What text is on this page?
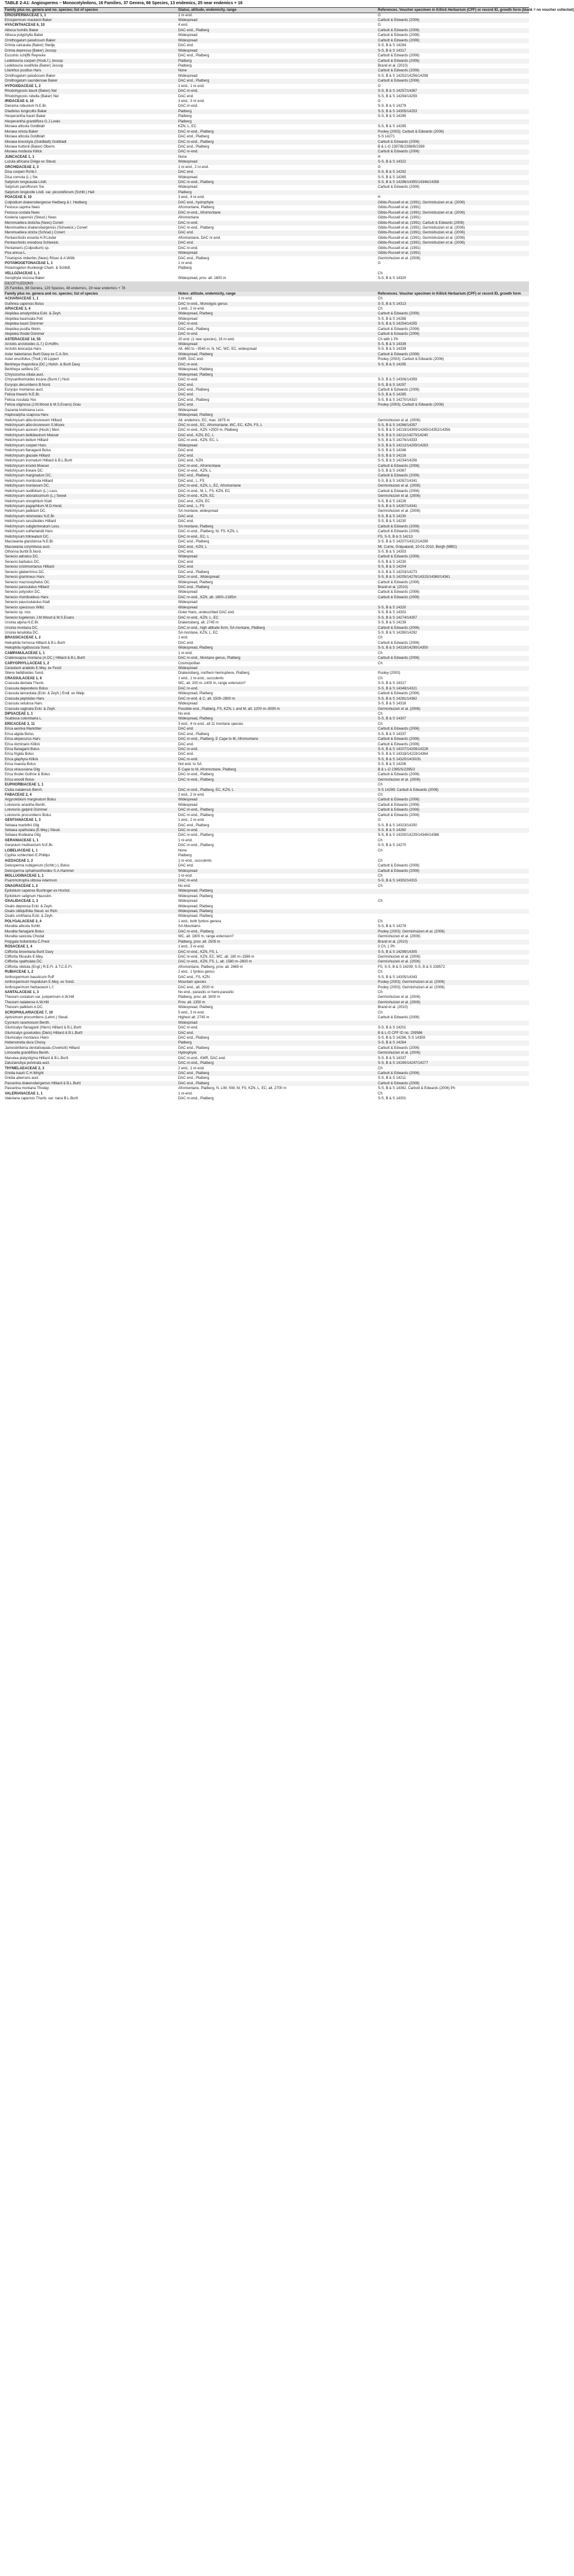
TABLE 2-A1: Angiosperms – Monocotyledons, 16 Families, 37 Genera, 66 Species, 13 endemics, 25 near endemics + 16
Family plus no. genera and no. species; list of species	Status, altitude, endemicity, range	References. Voucher specimen in Killick Herbarium (CPF) or record ID, growth form (blank = no voucher collected)
ERIOSPERMACEAE 1, 1	1 nr-end.	G
Eriospermum mackenii Baker	Widespread	Carbutt & Edwards (2006)
HYACINTHACEAE 6, 10	4 end.	G
Albuca humilis Baker	DAC end., Platberg	Carbutt & Edwards (2006)
Albuca polyphylla Baker	Widespread	Carbutt & Edwards (2006)
Ornithogalum paludosum Baker	Widespread	Carbutt & Edwards (2006)
Drimia calcarata (Baker) Stedje	DAC end.	S-S, B & S 14294
Drimia depressa (Baker) Jessop	Widespread	S-S, B & S 14317
Eucomis schijffii Reyneke	DAC end., Platberg	Carbutt & Edwards (2006)
Ledebouria cooperi (Hook.f.) Jessop	Platberg	Carbutt & Edwards (2006)
Ledebouria ovatifolia (Baker) Jessop	Platberg	Brand et al. (2010)
Litanthus pusillus Harv.	None	Carbutt & Edwards (2006)
Ornithogalum paludosum Baker	Widespread	S-S, B & S 14252/14256/14298
Ornithogalum saundersiae Baker	DAC end., Platberg	Carbutt & Edwards (2006)
HYPOXIDACEAE 1, 2	1 end., 1 nr-end.	G
Rhodohypoxis baurii (Baker) Nel	DAC nr-end.	S-S, B & S 14257/14367
Rhodohypoxis rubella (Baker) Nel	DAC end.	S-S, B & S 14294/14259
IRIDACEAE 4, 10	3 end., 3 nr-end.	G
Dierama robustum N.E.Br.	DAC nr-end.	S-S, B & S 14279
Gladiolus longicollis Baker	Platberg	S-S, B & S 14305/14253
Hesperantha baurii Baker	Platberg	S-S, B & S 14295
Hesperantha grandiflora G.J.Lewis	Platberg	
Moraea alticola Goldblatt	KZN, L, EC	S-S, B & S 14295
Moraea stricta Baker	DAC nr-end., Platberg	Pooley (2003); Carbutt & Edwards (2006)
Moraea alticola Goldblatt	DAC end., Platberg	S-S 14271
Moraea brevistyla (Goldblatt) Goldblatt	DAC nr-end., Platberg	Carbutt & Edwards (2006)
Moraea huttonii (Baker) Oberm.	DAC end., Platberg	B & L-O 2397/B/2398/B/2398
Moraea modesta Killick	DAC nr-end.	Carbutt & Edwards (2006)
JUNCACEAE 1, 1	None	H
Luzula africana Drège ex Steud.	Widespread	S-S, B & S 14322
ORCHIDACEAE 2, 3	1 nr-end., 2 nr-end.	G
Disa cooperi Rchb.f.	DAC end.	S-S, B & S 14292
Disa cornuta (L.) Sw.	Widespread	S-S, B & S 14265
Satyrium longicauda Lindl.	DAC nr-end., Platberg	S-S, B & S 14296/14355/14346/14358
Satyrium parviflorum Sw.	Widespread	Carbutt & Edwards (2006)
Satyrium longicolle Lindl. var. piccoloflorum (Schltr.) Hall	Platberg	
POACEAE 9, 10	3 end., 4 nr-end.	H
Colpodium drakensbergense Hedberg & I. Hedberg	DAC end., hydrophyte	Gibbs-Russell et al. (1991); Germishuizen et al. (2006)
Festuca caprina Nees	Afromontane, Platberg	Gibbs-Russell et al. (1991)
Festuca costata Nees	DAC nr-end., Afromontane	Gibbs-Russell et al. (1991); Germishuizen et al. (2006)
Koeleria capensis (Steud.) Nees	Afromontane	Gibbs-Russell et al. (1991)
Merxmuellera disticha (Nees) Conert	DAC nr-end.	Gibbs-Russell et al. (1991); Carbutt & Edwards (2006)
Merxmuellera drakensbergensis (Schweick.) Conert	DAC nr-end., Platberg	Gibbs-Russell et al. (1991); Germishuizen et al. (2006)
Merxmuellera stricta (Schrad.) Conert	DAC end.	Gibbs-Russell et al. (1991); Germishuizen et al. (2006)
Pentaschistis exserta H.P.Linder	Afromontane, DAC nr-end.	Gibbs-Russell et al. (1991); Germishuizen et al. (2006)
Pentaschistis oreodoxa Schweick.	DAC end.	Gibbs-Russell et al. (1991); Germishuizen et al. (2006)
Pentameris (Colpodium) sp.	DAC nr-end.	Gibbs-Russell et al. (1991)
Poa annua L.	Widespread	Gibbs-Russell et al. (1991)
Trisetopsis imberbis (Nees) Röser & A.Wölk	DAC end., Platberg	Germishuizen et al. (2006)
POTAMOGETONACEAE 1, 1	1 nr-end.	G
Potamogeton thunbergii Cham. & Schltdl.	Platberg	
VELLOZIACEAE 1, 1		Ch
Xerophyta viscosa Baker	Widespread, prov. alt. 1800 m	S-S, B & S 14320
DICOTYLEDONS		
25 Families, 88 Genera, 129 Species, 48 endemics, 28 near endemics + 78		
Family plus no. genera and no. species; list of species	Notes: altitude, endemicity, range	References. Voucher specimen in Killick Herbarium (CPF) or record ID, growth form
ACHARIACEAE 1, 1	1 nr-end.	Ch
Guthriea capensis Bolus	DAC nr-end., Monotypic genus	S-S, B & S 14313
APIACEAE 3, 4	1 end., 2 nr-end.	Ch
Alepidea amatymbica Eckl. & Zeyh.	Widespread, Platberg	Carbutt & Edwards (2006)
Alepidea baurisiata Polt	Widespread	S-S, B & S 14288
Alepidea baurii Dümmer	DAC nr-end.	S-S, B & S 14254/14255
Alepidea pusilla Weim.	DAC end., Platberg	Carbutt & Edwards (2006)
Alepidea thodei Dümmer	DAC nr-end.	Carbutt & Edwards (2006)
ASTERACEAE 14, 55	20 end. (1 new species), 18 nr-end.	Ch with 1 Ph
Arctotis arctotoides (L.f.) O.Hoffm.	Widespread	S-S, B & S 14339
Arctotis leiocarpa Harv.	Alt. 460 to ~3540 m, N, NC, WC, EC, widespread	S-S, B & S 14339
Aster bakerianus Burtt Davy ex C.A.Sm.	Widespread, Platberg	Carbutt & Edwards (2006)
Aster erucifolius (Thell.) W.Lippert	KMR, DAC end.	Pooley (2003); Carbutt & Edwards (2006)
Berkheya rhapontica (DC.) Hutch. & Burtt Davy	DAC nr-end.	S-S, B & S 14295
Berkheya setifera DC.	Widespread, Platberg	
Chrysocoma ciliata auct.	Widespread, Platberg	
Chrysanthemoides incana (Burm.f.) Norl.	DAC nr-end.	S-S, B & S 14306/14359
Euryops decumbens B.Nord.	DAC end.	S-S, B & S 14297
Euryops montanus auct.	DAC end., Platberg	Carbutt & Edwards (2006)
Felicia linearis N.E.Br.	DAC end.	S-S, B & S 14285
Felicia rosulata Yeo	DAC end., Platberg	S-S, B & S 14270/14310
Felicia uliginosa (J.M.Wood & M.S.Evans) Grau	DAC end.	Pooley (2003); Carbutt & Edwards (2006)
Gazania krebsiana Less.	Widespread	
Haplocarpha scaposa Harv.	Widespread, Platberg	
Helichrysum albo-brunneum Hilliard	Alt. endemics, EC, max. 1675 m	Germishuizen et al. (2006)
Helichrysum albo-brunneum S.Moore	DAC nr-end., EC, Afromontane, WC, EC, KZN, FS, L	S-S, B & S 14266/14357
Helichrysum aureum (Houtt.) Merr.	DAC nr-end., KZN >2000 m, Platberg	S-S, B & S 14219/14309/14265/14352/14356
Helichrysum bellidiastrum Moeser	DAC end., KZN, EC, L	S-S, B & S 14211/14270/14240
Helichrysum bellum Hilliard	DAC nr-end., KZN, EC, L	S-S, B & S 14276/14333
Helichrysum cooperi Harv.	Widespread	S-S, B & S 14212/14209/14263
Helichrysum flanaganii Bolus	DAC end.	S-S, B & S 14246
Helichrysum glaciale Hilliard	DAC end.	S-S, B & S 14216
Helichrysum inornatum Hilliard & B.L.Burtt	DAC end., KZN	S-S, B & S 14234/14256
Helichrysum krookii Moeser	DAC nr-end., Afromontane	Carbutt & Edwards (2006)
Helichrysum lineare DC.	DAC nr-end., KZN, L	S-S, B & S 14367
Helichrysum marginatum DC.	DAC end., Platberg	Carbutt & Edwards (2006)
Helichrysum monticola Hilliard	DAC end., L, FS	S-S, B & S 14267/14341
Helichrysum montanum DC.	DAC nr-end., KZN, L, EC, Afromontane	Germishuizen et al. (2006)
Helichrysum nudifolium (L.) Less.	DAC nr-end., M, L, FS, KZN, EC	Carbutt & Edwards (2006)
Helichrysum odoratissimum (L.) Sweet	DAC nr-end., KZN, EC	Germishuizen et al. (2006)
Helichrysum oreophilum Klatt	DAC end., KZN, EC	S-S, B & S 14226
Helichrysum pagophilum M.D.Hend.	DAC end., L, FS	S-S, B & S 14267/14341
Helichrysum pallidum DC.	SA montane, widespread	Germishuizen et al. (2006)
Helichrysum retortoides N.E.Br.	DAC end.	S-S, B & S 14230
Helichrysum sessilioides Hilliard	DAC end.	S-S, B & S 14230
Helichrysum subglomeratum Less.	SA montane, Platberg	Carbutt & Edwards (2006)
Helichrysum sutherlandii Harv.	DAC nr-end., Platberg, M, FS, KZN, L	Carbutt & Edwards (2006)
Helichrysum trilineatum DC.	DAC nr-end., EC, L	FS, S-S, B & S 14213
Macowania glandulosa N.E.Br.	DAC end., Platberg	S-S, B & S 14207/14312/14289
Macowania corymbosa auct.	DAC end., KZN, L	Mt. Currie, Griqualand, 10-01-2010, Bergh (MBG)
Othonna burttii B.Nord.	DAC end.	S-S, B & S 14303
Senecio adnatus DC.	Widespread	Carbutt & Edwards (2006)
Senecio barbatus DC.	DAC end.	S-S, B & S 14230
Senecio cristimontanus Hilliard	DAC end.	S-S, B & S 14204
Senecio glaberrimus DC.	DAC end., Platberg	S-S, B & S 14203/14273
Senecio gramineus Harv.	DAC nr-end., Widespread	S-S, B & S 14205/14276/14315/14360/14361
Senecio macrocephalus DC.	Widespread, Platberg	Carbutt & Edwards (2006)
Senecio paniculatus Hilliard	DAC end., Platberg	Brand et al. (2010)
Senecio polyodon DC.	Widespread	Carbutt & Edwards (2006)
Senecio rhomboideus Harv.	DAC nr-end., KZN, alt. 1800–2165m	Carbutt & Edwards (2006)
Senecio pauciculatulus Klatt	Widespread	
Senecio speciosus Willd.	Widespread	S-S, B & S 14320
Senecio sp. nov.	Outer Hans, undescribed DAC end.	S-S, B & S 14302
Senecio tugelensis J.M.Wood & M.S.Evans	DAC nr-end., KZN, L, EC	S-S, B & S 14274/14307
Ursinia alpina N.E.Br.	Drakensberg, alt. 2745 m	S-S, B & S 14239
Ursinia montana DC.	DAC nr-end., high altitude form, SA montane, Platberg	Carbutt & Edwards (2006)
Ursinia tenuiloba DC.	SA montane, KZN, L, EC	S-S, B & S 14280/14292
BRASSICACEAE 1, 2	1 end.	Ch
Heliophila formosa Hilliard & B.L.Burtt	DAC end.	Carbutt & Edwards (2006)
Heliophila rigidiuscula Sond.	Widespread, Platberg	S-S, B & S 14319/14299/14350
CAMPANULACEAE 1, 1	1 nr-end.	Ch
Craterocapsa montana (A.DC.) Hilliard & B.L.Burtt	DAC nr-end., Montane genus, Platberg	Carbutt & Edwards (2006)
CARYOPHYLLACEAE 1, 2	Cosmopolitan	Ch
Cerastium arabidis E.Mey. ex Fenzl	Widespread	
Silene bellidioides Sond.	Drakensberg, northern hemisphere, Platberg	Pooley (2003)
CRASSULACEAE 1, 6	1 end., 1 nr-end., succulents	Ch
Crassula dentata Thunb.	WC, alt. 200 m–1400 m, range extension?	S-S, B & S 14317
Crassula dependens Bolus	DAC nr-end.	S-S, B & S 14348/14321
Crassula lanceolata (Eckl. & Zeyh.) Endl. ex Walp.	Widespread, Platberg	Carbutt & Edwards (2006)
Crassula peploides Harv.	DAC nr-end. & C, alt. 1500–2800 m	S-S, B & S 14281/14362
Crassula setulosa Harv.	Widespread	S-S, B & S 14316
Crassula vaginata Eckl. & Zeyh.	Possible end., Platberg, FS, KZN, L and M, alt. 1200 m–3000 m	Germishuizen et al. (2006)
DIPSACEAE 1, 1	No end.	Ch
Scabiosa columbaria L.	Widespread, Platberg	S-S, B & S 14307
ERICACEAE 3, 11	3 end., 4 nr-end., all 11 montane species	Ch
Erica aestiva Markötter	DAC end.	Carbutt & Edwards (2006)
Erica algida Bolus	DAC end., Platberg	S-S, B & S 14337
Erica alopecurus Harv.	DAC nr-end., Platberg, E Cape to M, Afromontane	Carbutt & Edwards (2006)
Erica dominans Killick	DAC end.	Carbutt & Edwards (2006)
Erica flanaganii Bolus	DAC nr-end.	S-S, B & S 14207/14208/14228
Erica frigida Bolus	DAC end.	S-S, B & S 14318/14219/14364
Erica glaphyra Killick	DAC nr-end.	S-S, B & S 14320/14/30/31
Erica maesta Bolus	Not end. to SA	S-S, B & S 14206
Erica straussiana Gilg	E Cape to M, Afromontane, Platberg	B & L-O 2395/S/2395/2
Erica thodei Guthrie & Bolus	DAC nr-end., Platberg	Carbutt & Edwards (2006)
Erica woodii Bolus	DAC nr-end., Platberg	Germishuizen et al. (2006)
EUPHORBIACEAE 1, 1		Ch
Clutia natalensis Bernh.	DAC nr-end., Platberg, EC, KZN, L	S-S 14299; Carbutt & Edwards (2006)
FABACEAE 2, 4	2 end., 2 nr-end.	Ch
Argyrolobium marginatum Bolus	Widespread	Carbutt & Edwards (2006)
Lotononis eriantha Benth.	Widespread	Carbutt & Edwards (2006)
Lotononis galpinii Dümmer	DAC nr-end., Platberg	Carbutt & Edwards (2006)
Lotononis procumbens Bolus	DAC nr-end., Platberg	Carbutt & Edwards (2006)
GENTIANACEAE 1, 3	1 end., 2 nr-end.	G
Sebaea marlothii Gilg	DAC end., Platberg	S-S, B & S 14323/14250
Sebaea spathulata (E.Mey.) Steud.	DAC nr-end.	S-S, B & S 14260
Sebaea thodeana Gilg	DAC nr-end., Platberg	S-S, B & S 14200/14229/14346/14366
GERANIACEAE 1, 1	1 nr-end.	Ch
Geranium multisectum N.E.Br.	DAC nr-end., Platberg	S-S, B & S 14270
LOBELIACEAE 1, 1	None	Ch
Cyphia schlechteri E.Phillips	Platberg	
AIZOACEAE 1, 2	1 nr-end., succulents	Ch
Delosperma nubigenum (Schltr.) L.Bolus	DAC end.	Carbutt & Edwards (2006)
Delosperma sphalmanthoides S.A.Hammer	Widespread	Carbutt & Edwards (2006)
MOLLUGINACEAE 1, 1	1 nr-end.	Ch
Psammotropha obtusa Adamson	DAC nr-end.	S-S, B & S 14302/14315
ONAGRACEAE 1, 2	No end.	Ch
Epilobium capense Buchinger ex Hochst.	Widespread, Platberg	
Epilobium salignum Hausskn.	Widespread, Platberg	
OXALIDACEAE 1, 3	Widespread	Ch
Oxalis depressa Eckl. & Zeyh.	Widespread, Platberg	
Oxalis obliquifolia Steud. ex Rich.	Widespread, Platberg	
Oxalis smithiana Eckl. & Zeyh.	Widespread, Platberg	
POLYGALACEAE 2, 4	1 end., both fynbos genera	Ch
Muraltia alticola Schltr.	SA Mountains	S-S, B & S 14278
Muraltia flanaganii Bolus	DAC nr-end., Platberg	Pooley (2003); Germishuizen et al. (2006)
Muraltia saxicola Chodat	WC, alt. 1800 m, range extension?	Germishuizen et al. (2006)
Polygala hottentotta C.Presl	Platberg, prov. alt. 2505 m	Brand et al. (2010)
ROSACEAE 1, 4	1 end., 3 nr-end.	3 Ch, 1 Ph
Cliffortia browniana Burtt Davy	DAC nr-end., KZN, FS, L	S-S, B & S 14299/14305
Cliffortia filicaulis E.Mey.	DAC nr-end., KZN, EC, WC, alt. 180 m–1586 m	Germishuizen et al. (2006)
Cliffortia spathulata DC.	DAC nr-end., KZN, FS, L, alt. 1580 m–2600 m	Germishuizen et al. (2006)
Cliffortia nitidula (Engl.) R.E.Fr. & T.C.E.Fr.	Afromontane, Platberg, prov. alt. 2669 m	FS, S-S, B & S 14209; S-S, B & S 239572
RUBIACEAE 1, 2	2 end., 1 fynbos genus	Ch
Anthospermum basuticum Puff	DAC end., FS, KZN	S-S, B & S 14305/14343
Anthospermum hispidulum E.Mey. ex Sond.	Mountain species	Pooley (2003); Germishuizen et al. (2006)
Anthospermum herbaceum L.f.	DAC end., alt. 2500 m	Pooley (2003); Germishuizen et al. (2006)
SANTALACEAE 1, 3	No end., parasitic or hemi-parasitic	Ch
Thesium costatum var. juniperinum A.W.Hill	Platberg, prov. alt. 3000 m	Germishuizen et al. (2006)
Thesium natalense A.W.Hill	Prov. alt. 1350 m	Germishuizen et al. (2006)
Thesium pallidum A.DC.	Widespread, Platberg	Brand et al. (2010)
SCROPHULARIACEAE 7, 10	5 end., 3 nr-end.	Ch
Aptosimum procumbens (Lehm.) Steud.	Highest alt. 2745 m	Carbutt & Edwards (2006)
Cycnium racemosum Benth.	Widespread	
Glumicalyx flanaganii (Hiern) Hilliard & B.L.Burtt	DAC nr-end.	S-S, B & S 14201
Glumicalyx goseloides (Diels) Hilliard & B.L.Burtt	DAC end.	B & L-O CPF ID no. 239586
Glumicalyx montanus Hiern	DAC end., Platberg	S-S, B & S 14286, S-S 14359
Hebenstretia dura Choisy	Platberg	S-S, B & S 14264
Jamesbrittenia dentatisepala (Overkott) Hilliard	DAC end., Platberg	Carbutt & Edwards (2006)
Limosella grandiflora Benth.	Hydrophyte	Germishuizen et al. (2006)
Manulea platystigma Hilliard & B.L.Burtt	DAC nr-end., KMR, DAC end.	S-S, B & S 14337
Zaluzianskya pulvinata auct.	DAC nr-end., Platberg	S-S, B & S 14190/14247/14277
THYMELAEACEAE 2, 3	2 end., 1 nr-end.	Ch
Gnidia baurii C.H.Wright	DAC end., Platberg	Carbutt & Edwards (2006)
Gnidia aberrans auct.	DAC end., Platberg	S-S, B & S 14211
Passerina drakensbergensis Hilliard & B.L.Burtt	DAC end., Platberg	Carbutt & Edwards (2006)
Passerina montana Thoday	Afromontane, Platberg, N, LIM, NW, M, FS, KZN, L, EC, alt. 2700 m	S-S, B & S 14362, Carbutt & Edwards (2006) Ph
VALERIANACEAE 1, 1	1 nr-end.	Ch
Valeriana capensis Thunb. var. nana B.L.Burtt	DAC nr-end., Platberg	S-S, B & S 14301
